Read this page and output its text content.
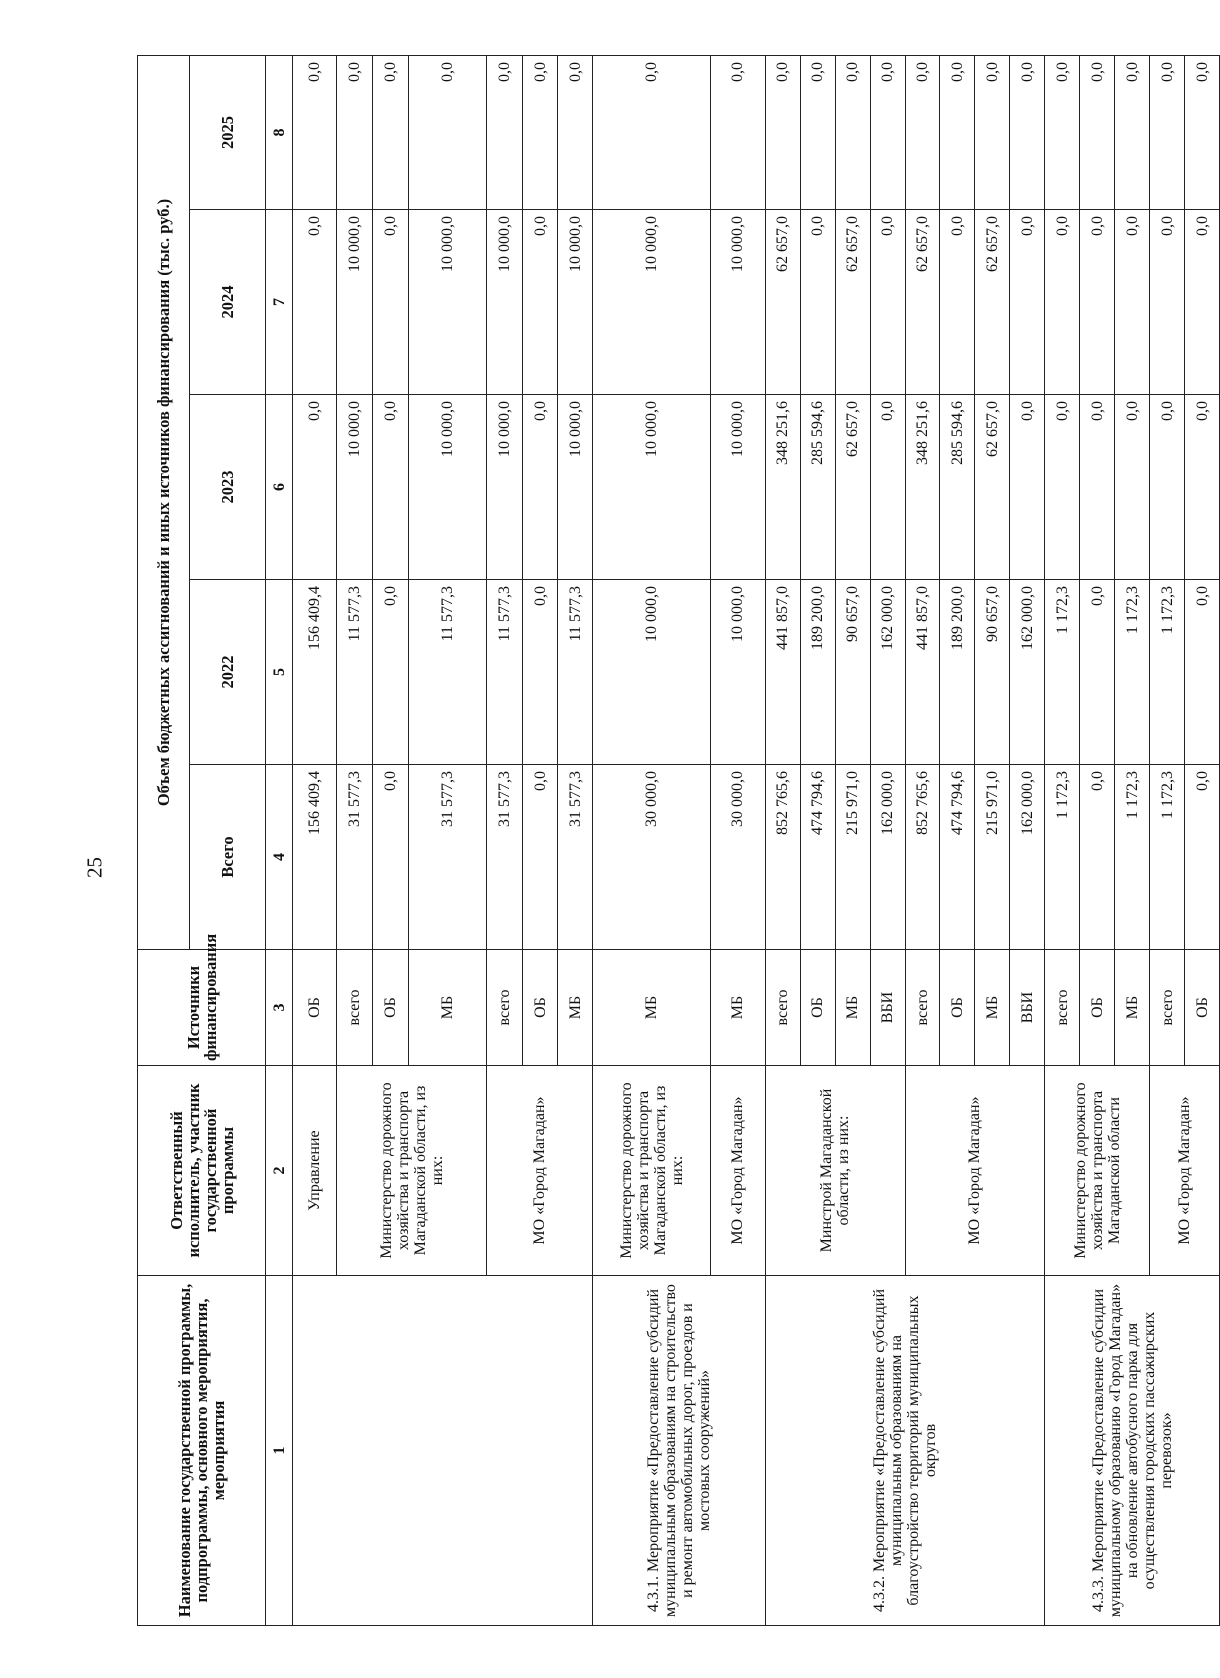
25
Наименование государственной программы, подпрограммы, основного мероприятия, мероприятия	Ответственный исполнитель, участник государственной программы	Источники финансирования	Объем бюджетных ассигнований и иных источников финансирования (тыс. руб.)				
			Всего	2022	2023	2024	2025
1	2	3	4	5	6	7	8
	Управление	ОБ	156 409,4	156 409,4	0,0	0,0	0,0
	Министерство дорожного хозяйства и транспорта Магаданской области, из них:	всего	31 577,3	11 577,3	10 000,0	10 000,0	0,0
		ОБ	0,0	0,0	0,0	0,0	0,0
		МБ	31 577,3	11 577,3	10 000,0	10 000,0	0,0
	МО «Город Магадан»	всего	31 577,3	11 577,3	10 000,0	10 000,0	0,0
		ОБ	0,0	0,0	0,0	0,0	0,0
		МБ	31 577,3	11 577,3	10 000,0	10 000,0	0,0
4.3.1. Мероприятие «Предоставление субсидий муниципальным образованиям на строительство и ремонт автомобильных дорог, проездов и мостовых сооружений»	Министерство дорожного хозяйства и транспорта Магаданской области, из них:	МБ	30 000,0	10 000,0	10 000,0	10 000,0	0,0
	МО «Город Магадан»	МБ	30 000,0	10 000,0	10 000,0	10 000,0	0,0
4.3.2. Мероприятие «Предоставление субсидий муниципальным образованиям на благоустройство территорий муниципальных округов	Минстрой Магаданской области, из них:	всего	852 765,6	441 857,0	348 251,6	62 657,0	0,0
		ОБ	474 794,6	189 200,0	285 594,6	0,0	0,0
		МБ	215 971,0	90 657,0	62 657,0	62 657,0	0,0
		ВБИ	162 000,0	162 000,0	0,0	0,0	0,0
	МО «Город Магадан»	всего	852 765,6	441 857,0	348 251,6	62 657,0	0,0
		ОБ	474 794,6	189 200,0	285 594,6	0,0	0,0
		МБ	215 971,0	90 657,0	62 657,0	62 657,0	0,0
		ВБИ	162 000,0	162 000,0	0,0	0,0	0,0
4.3.3. Мероприятие «Предоставление субсидии муниципальному образованию «Город Магадан» на обновление автобусного парка для осуществления городских пассажирских перевозок»	Министерство дорожного хозяйства и транспорта Магаданской области	всего	1 172,3	1 172,3	0,0	0,0	0,0
		ОБ	0,0	0,0	0,0	0,0	0,0
		МБ	1 172,3	1 172,3	0,0	0,0	0,0
	МО «Город Магадан»	всего	1 172,3	1 172,3	0,0	0,0	0,0
		ОБ	0,0	0,0	0,0	0,0	0,0
